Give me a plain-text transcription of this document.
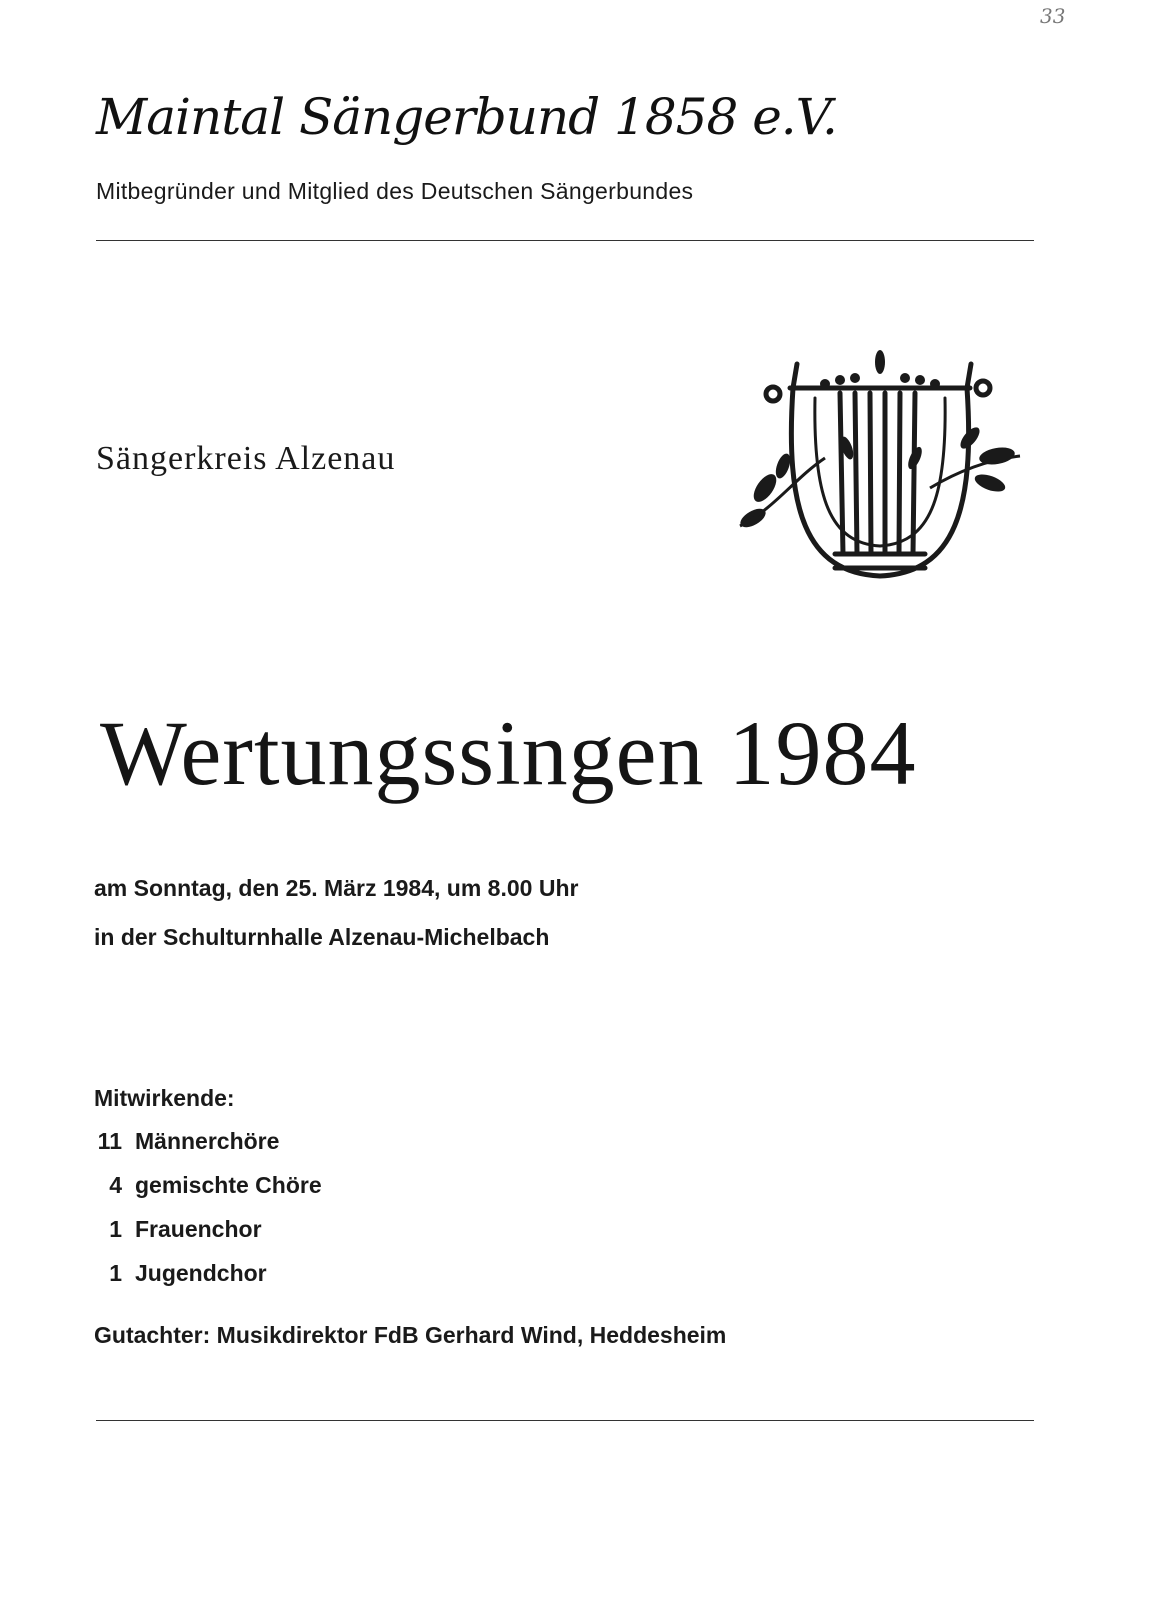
33
Maintal Sängerbund 1858 e.V.
Mitbegründer und Mitglied des Deutschen Sängerbundes
Sängerkreis Alzenau
Wertungssingen 1984
am Sonntag, den 25. März 1984, um 8.00 Uhr
in der Schulturnhalle Alzenau-Michelbach
Mitwirkende:
11 Männerchöre
4 gemischte Chöre
1 Frauenchor
1 Jugendchor
Gutachter: Musikdirektor FdB Gerhard Wind, Heddesheim
